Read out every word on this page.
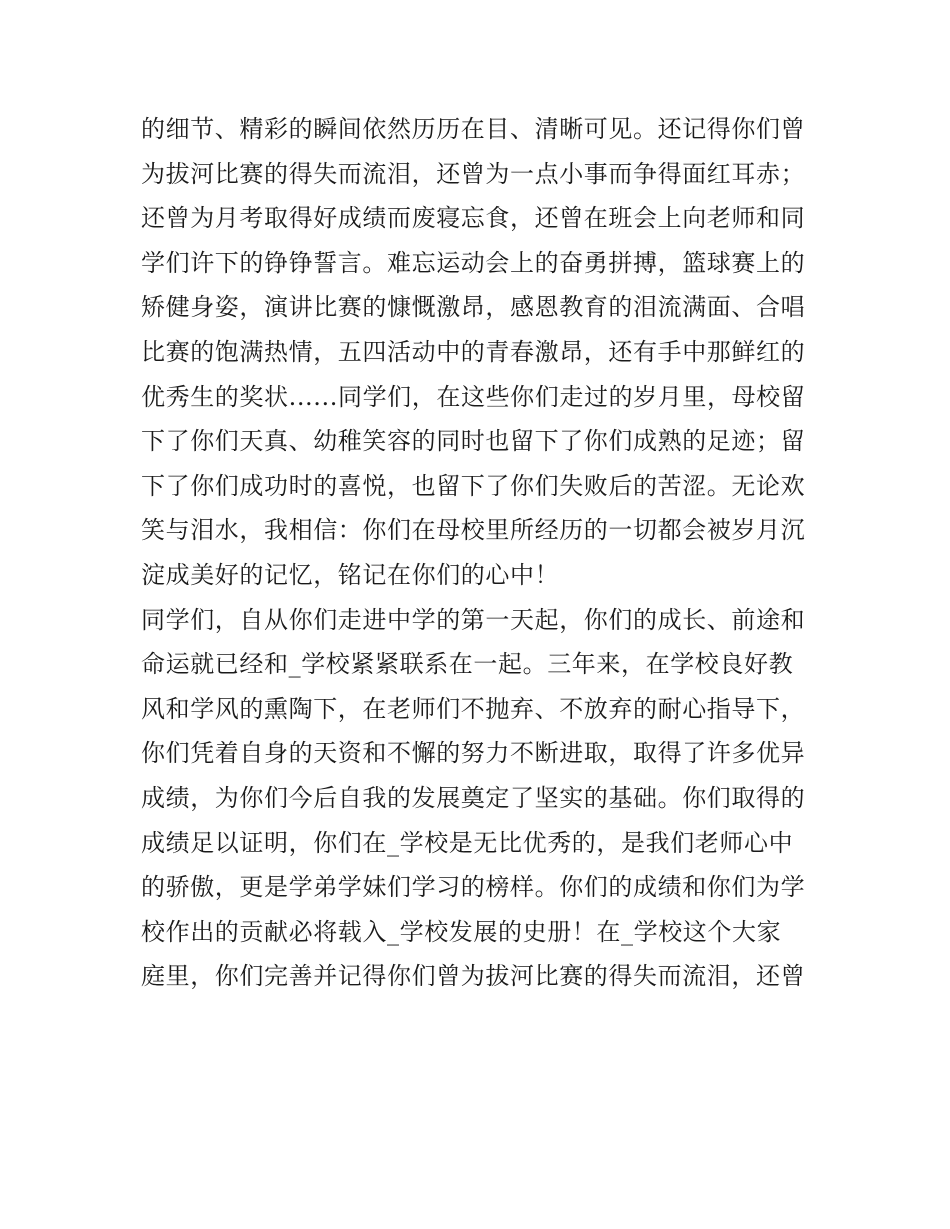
的细节、精彩的瞬间依然历历在目、清晰可见。还记得你们曾
为拔河比赛的得失而流泪，还曾为一点小事而争得面红耳赤；
还曾为月考取得好成绩而废寝忘食，还曾在班会上向老师和同
学们许下的铮铮誓言。难忘运动会上的奋勇拼搏，篮球赛上的
矫健身姿，演讲比赛的慷慨激昂，感恩教育的泪流满面、合唱
比赛的饱满热情，五四活动中的青春激昂，还有手中那鲜红的
优秀生的奖状......同学们，在这些你们走过的岁月里，母校留
下了你们天真、幼稚笑容的同时也留下了你们成熟的足迹；留
下了你们成功时的喜悦，也留下了你们失败后的苦涩。无论欢
笑与泪水，我相信：你们在母校里所经历的一切都会被岁月沉
淀成美好的记忆，铭记在你们的心中！
同学们，自从你们走进中学的第一天起，你们的成长、前途和
命运就已经和_学校紧紧联系在一起。三年来，在学校良好教
风和学风的熏陶下，在老师们不抛弃、不放弃的耐心指导下，
你们凭着自身的天资和不懈的努力不断进取，取得了许多优异
成绩，为你们今后自我的发展奠定了坚实的基础。你们取得的
成绩足以证明，你们在_学校是无比优秀的，是我们老师心中
的骄傲，更是学弟学妹们学习的榜样。你们的成绩和你们为学
校作出的贡献必将载入_学校发展的史册！在_学校这个大家
庭里，你们完善并记得你们曾为拔河比赛的得失而流泪，还曾
